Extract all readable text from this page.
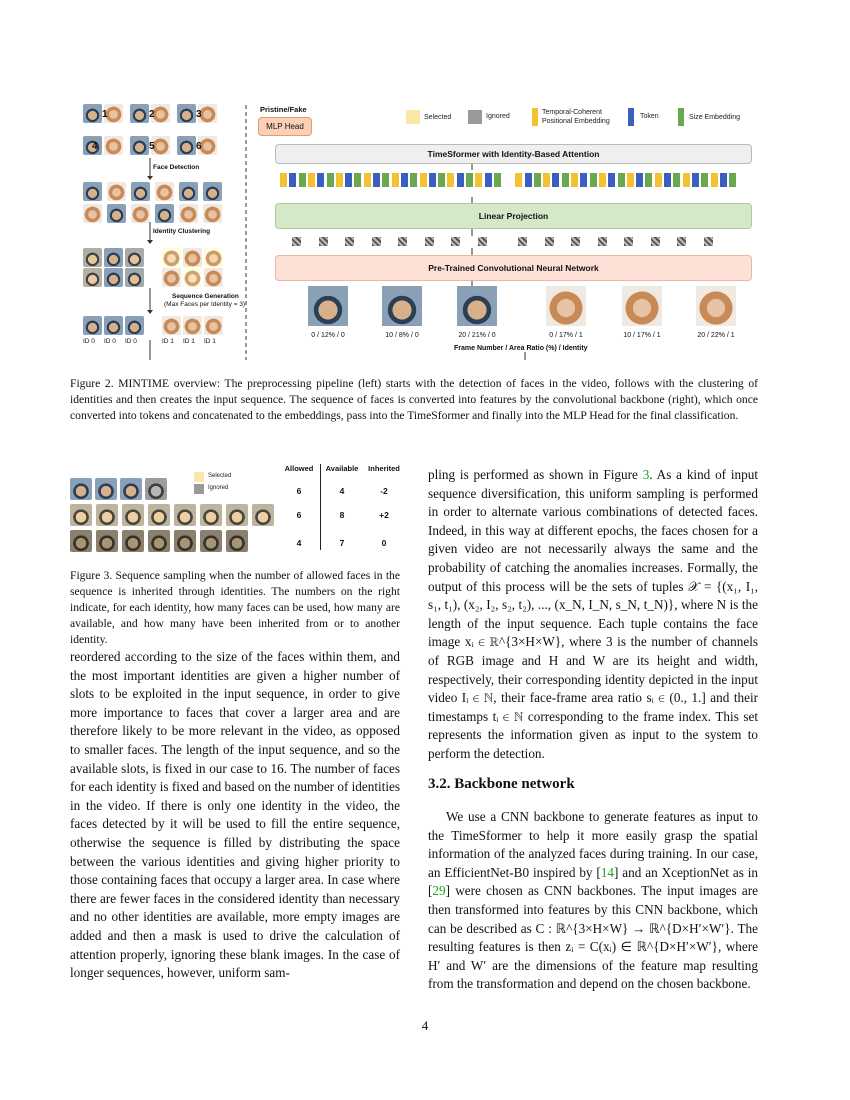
1	2	3
4	5	6
Face Detection
Identity Clustering
Sequence Generation
(Max Faces per Identity = 3)
ID 0 ID 0 ID 0	ID 1 ID 1 ID 1
Pristine/Fake
MLP Head
Selected	Ignored
Temporal-Coherent Positional Embedding
Token	Size Embedding
TimeSformer with Identity-Based Attention
Linear Projection
Pre-Trained Convolutional Neural Network
0 / 12% / 0	10 / 8% / 0	20 / 21% / 0	0 / 17% / 1	10 / 17% / 1	20 / 22% / 1
Frame Number / Area Ratio (%) / Identity
Figure 2. MINTIME overview: The preprocessing pipeline (left) starts with the detection of faces in the video, follows with the clustering of identities and then creates the input sequence. The sequence of faces is converted into features by the convolutional backbone (right), which once converted into tokens and concatenated to the embeddings, pass into the TimeSformer and finally into the MLP Head for the final classification.
Selected
Ignored
Allowed	Available	Inherited
6	4	-2
6	8	+2
4	7	0
Figure 3. Sequence sampling when the number of allowed faces in the sequence is inherited through identities. The numbers on the right indicate, for each identity, how many faces can be used, how many are available, and how many have been inherited from or to another identity.

reordered according to the size of the faces within them, and the most important identities are given a higher number of slots to be exploited in the input sequence, in order to give more importance to faces that cover a larger area and are therefore likely to be more relevant in the video, as opposed to smaller faces. The length of the input sequence, and so the available slots, is fixed in our case to 16. The number of faces for each identity is fixed and based on the number of identities in the video. If there is only one identity in the video, the faces detected by it will be used to fill the entire sequence, otherwise the sequence is filled by distributing the space between the various identities and giving higher priority to those containing faces that occupy a larger area. In case where there are fewer faces in the considered identity than necessary and no other identities are available, more empty images are added and then a mask is used to drive the calculation of attention properly, ignoring these blank images. In the case of longer sequences, however, uniform sam-

pling is performed as shown in Figure 3. As a kind of input sequence diversification, this uniform sampling is performed in order to alternate various combinations of detected faces. Indeed, in this way at different epochs, the faces chosen for a given video are not necessarily always the same and the probability of catching the anomalies increases. Formally, the output of this process will be the sets of tuples 𝒳 = {(x₁, I₁, s₁, t₁), (x₂, I₂, s₂, t₂), ..., (x_N, I_N, s_N, t_N)}, where N is the length of the input sequence. Each tuple contains the face image xᵢ ∈ ℝ^{3×H×W}, where 3 is the number of channels of RGB image and H and W are its height and width, respectively, their corresponding identity depicted in the input video Iᵢ ∈ ℕ, their face-frame area ratio sᵢ ∈ (0., 1.] and their timestamps tᵢ ∈ ℕ corresponding to the frame index. This set represents the information given as input to the system to perform the detection.

3.2. Backbone network

We use a CNN backbone to generate features as input to the TimeSformer to help it more easily grasp the spatial information of the analyzed faces during training. In our case, an EfficientNet-B0 inspired by [14] and an XceptionNet as in [29] were chosen as CNN backbones. The input images are then transformed into features by this CNN backbone, which can be described as C : ℝ^{3×H×W} → ℝ^{D×H′×W′}. The resulting features is then zᵢ = C(xᵢ) ∈ ℝ^{D×H′×W′}, where H′ and W′ are the dimensions of the feature map resulting from the transformation and depend on the chosen backbone.

4
